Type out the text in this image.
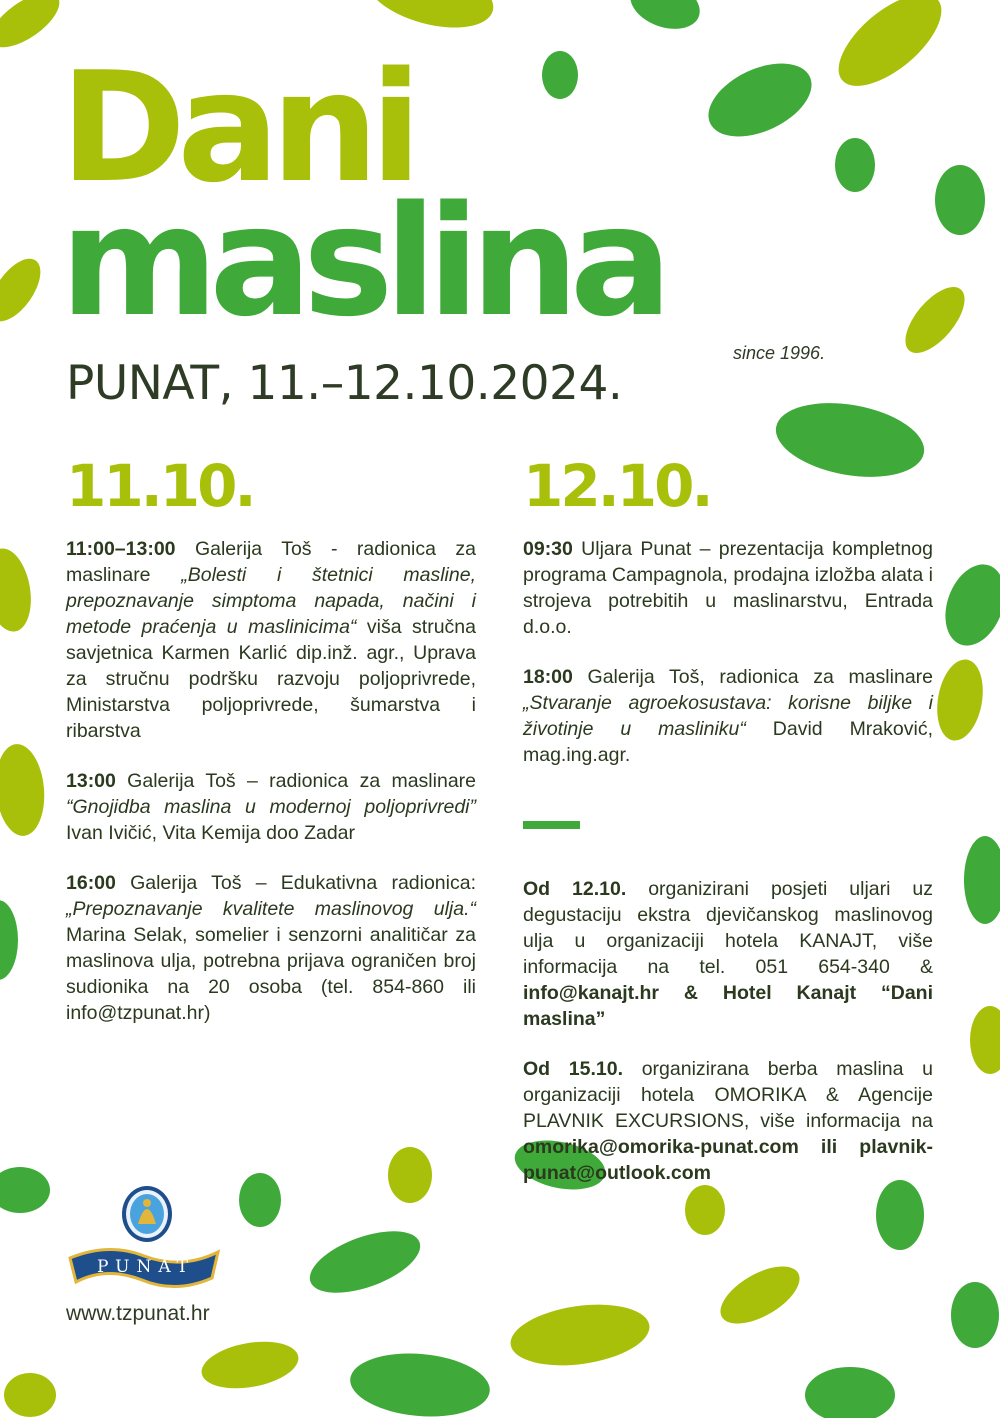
Dani
maslina
since 1996.
PUNAT, 11.–12.10.2024.
11.10.	12.10.

11:00–13:00 Galerija Toš - radionica za maslinare „Bolesti i štetnici masline, prepoznavanje simptoma napada, načini i metode praćenja u maslinicima“ viša stručna savjetnica Karmen Karlić dip.inž. agr., Uprava za stručnu podršku razvoju poljoprivrede, Ministarstva poljoprivrede, šumarstva i ribarstva

13:00 Galerija Toš – radionica za maslinare “Gnojidba maslina u modernoj poljoprivredi” Ivan Ivičić, Vita Kemija doo Zadar

16:00 Galerija Toš – Edukativna radionica: „Prepoznavanje kvalitete maslinovog ulja.“ Marina Selak, somelier i senzorni analitičar za maslinova ulja, potrebna prijava ograničen broj sudionika na 20 osoba (tel. 854-860 ili info@tzpunat.hr)

09:30 Uljara Punat – prezentacija kompletnog programa Campagnola, prodajna izložba alata i strojeva potrebitih u maslinarstvu, Entrada d.o.o.

18:00 Galerija Toš, radionica za maslinare „Stvaranje agroekosustava: korisne biljke i životinje u masliniku“ David Mraković, mag.ing.agr.

Od 12.10. organizirani posjeti uljari uz degustaciju ekstra djevičanskog maslinovog ulja u organizaciji hotela KANAJT, više informacija na tel. 051 654-340 & info@kanajt.hr & Hotel Kanajt “Dani maslina”

Od 15.10. organizirana berba maslina u organizaciji hotela OMORIKA & Agencije PLAVNIK EXCURSIONS, više informacija na omorika@omorika-punat.com ili plavnik-punat@outlook.com

PUNAT
www.tzpunat.hr
